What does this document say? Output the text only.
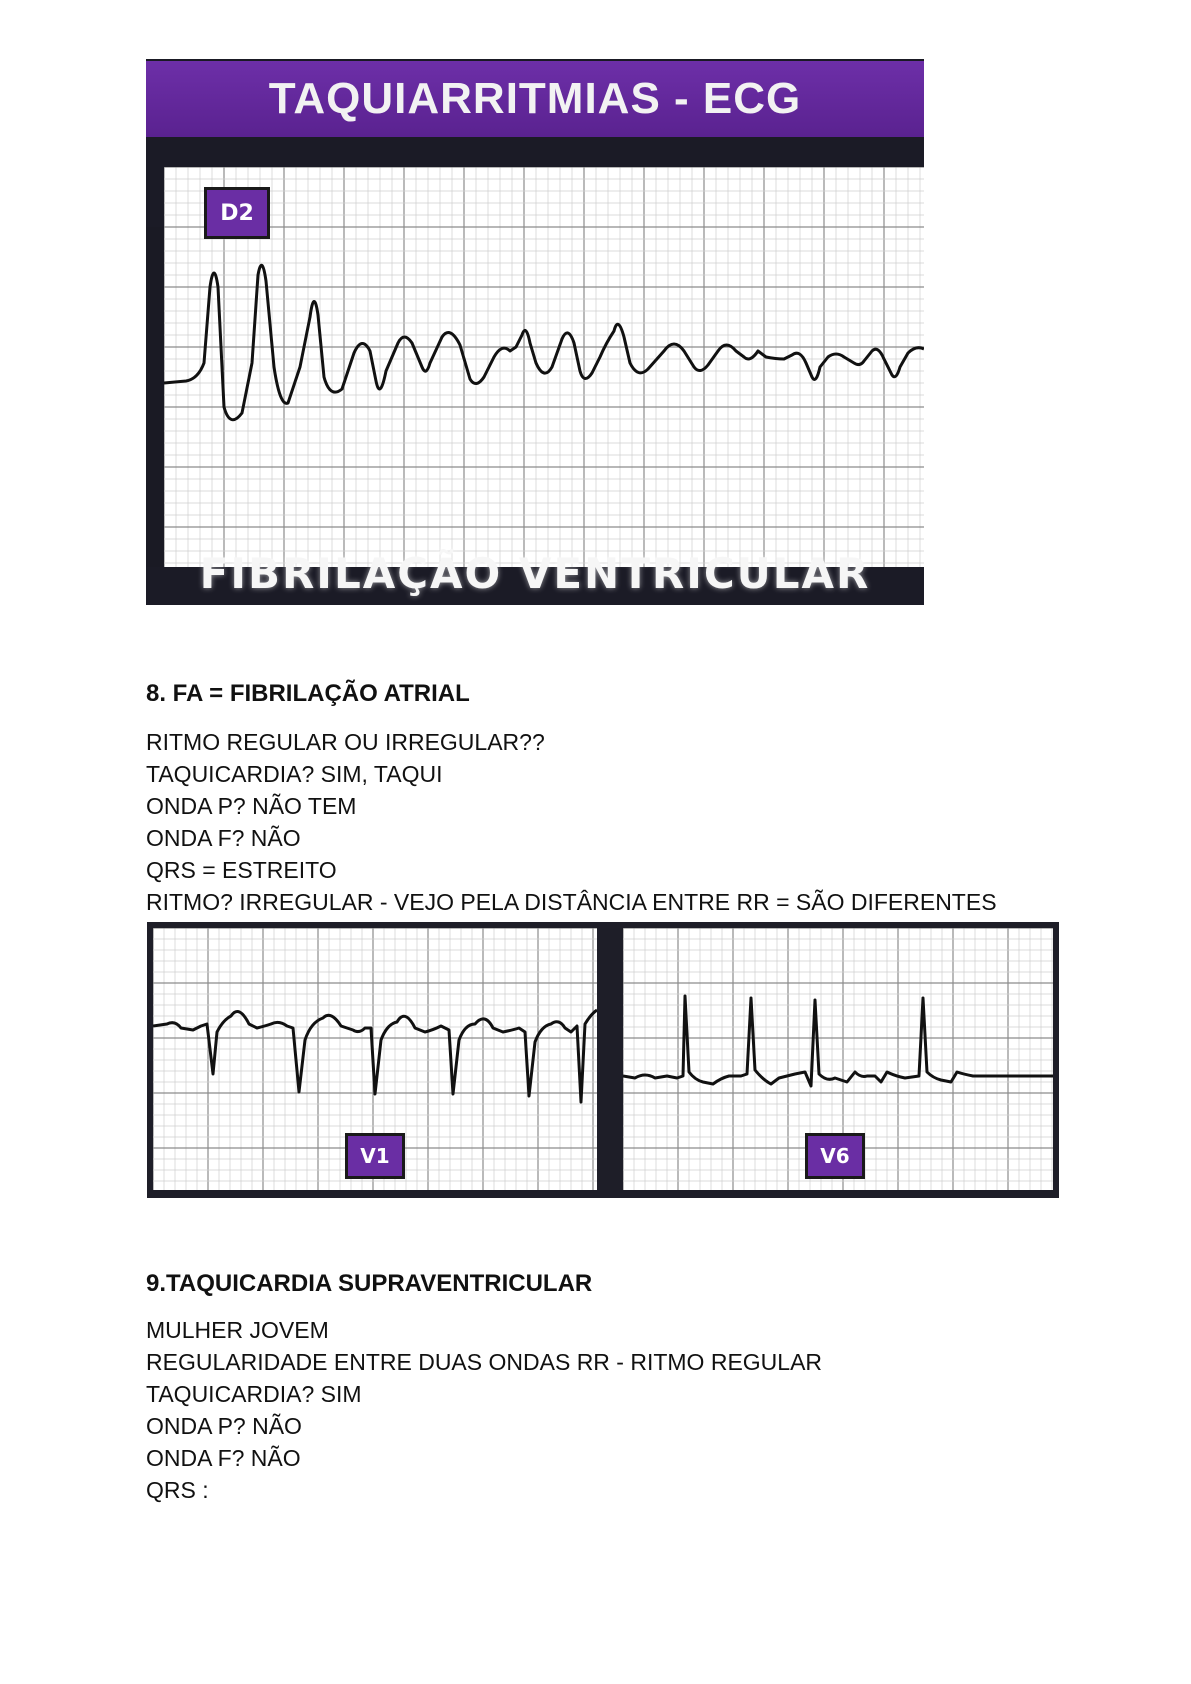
TAQUIARRITMIAS - ECG
D2
FIBRILAÇÃO VENTRICULAR
8. FA = FIBRILAÇÃO ATRIAL
RITMO REGULAR OU IRREGULAR??
TAQUICARDIA? SIM, TAQUI
ONDA P? NÃO TEM
ONDA F? NÃO
QRS = ESTREITO
RITMO? IRREGULAR - VEJO PELA DISTÂNCIA ENTRE RR = SÃO DIFERENTES
V1	V6
9.TAQUICARDIA SUPRAVENTRICULAR
MULHER JOVEM
REGULARIDADE ENTRE DUAS ONDAS RR - RITMO REGULAR
TAQUICARDIA? SIM
ONDA P? NÃO
ONDA F? NÃO
QRS :
